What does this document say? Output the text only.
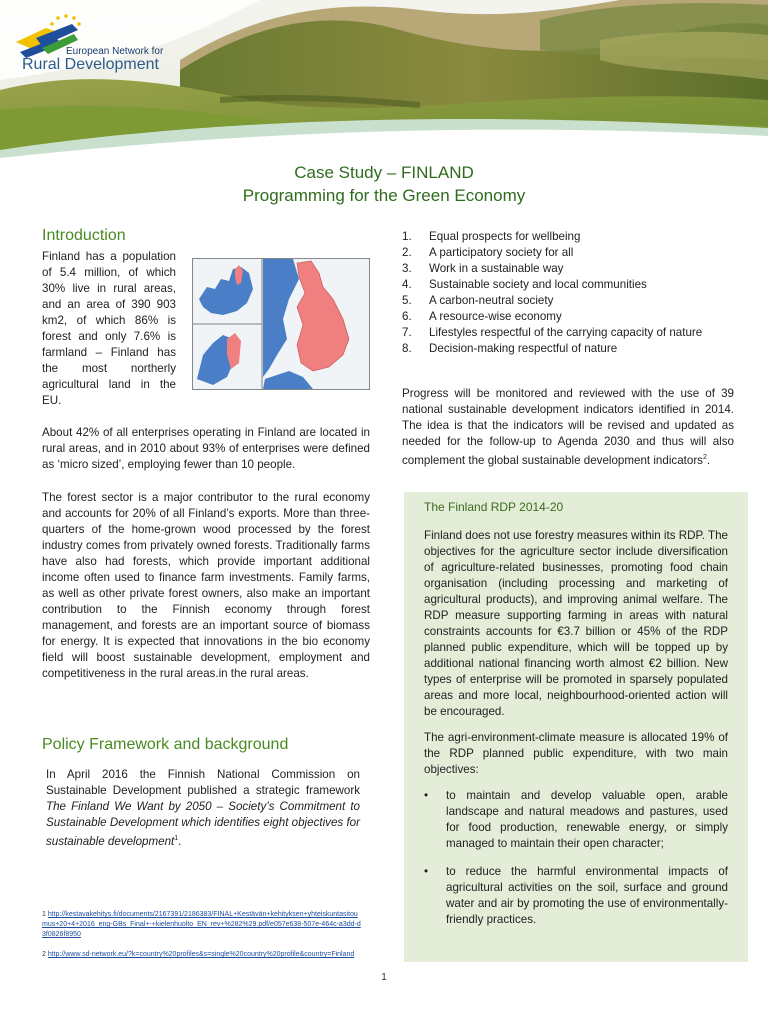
European Network for
Rural Development
Case Study – FINLAND
Programming for the Green Economy
Introduction
Finland has a population of 5.4 million, of which 30% live in rural areas, and an area of 390 903 km2, of which 86% is forest and only 7.6% is farmland – Finland has the most northerly agricultural land in the EU.
About 42% of all enterprises operating in Finland are located in rural areas, and in 2010 about 93% of enterprises were defined as ‘micro sized’, employing fewer than 10 people.
The forest sector is a major contributor to the rural economy and accounts for 20% of all Finland’s exports. More than three-quarters of the home-grown wood processed by the forest industry comes from privately owned forests. Traditionally farms have also had forests, which provide important additional income often used to finance farm investments. Family farms, as well as other private forest owners, also make an important contribution to the Finnish economy through forest management, and forests are an important source of biomass for energy. It is expected that innovations in the bio economy field will boost sustainable development, employment and competitiveness in the rural areas.in the rural areas.
Policy Framework and background
In April 2016 the Finnish National Commission on Sustainable Development published a strategic framework The Finland We Want by 2050 – Society’s Commitment to Sustainable Development which identifies eight objectives for sustainable development$^1$.
1.	Equal prospects for wellbeing
2.	A participatory society for all
3.	Work in a sustainable way
4.	Sustainable society and local communities
5.	A carbon-neutral society
6.	A resource-wise economy
7.	Lifestyles respectful of the carrying capacity of nature
8.	Decision-making respectful of nature
Progress will be monitored and reviewed with the use of 39 national sustainable development indicators identified in 2014. The idea is that the indicators will be revised and updated as needed for the follow-up to Agenda 2030 and thus will also complement the global sustainable development indicators$^2$.
The Finland RDP 2014-20
Finland does not use forestry measures within its RDP. The objectives for the agriculture sector include diversification of agriculture-related businesses, promoting food chain organisation (including processing and marketing of agricultural products), and improving animal welfare. The RDP measure supporting farming in areas with natural constraints accounts for €3.7 billion or 45% of the RDP planned public expenditure, which will be topped up by additional national financing worth almost €2 billion. New types of enterprise will be promoted in sparsely populated areas and more local, neighbourhood-oriented action will be encouraged.
The agri-environment-climate measure is allocated 19% of the RDP planned public expenditure, with two main objectives:
•	to maintain and develop valuable open, arable landscape and natural meadows and pastures, used for food production, renewable energy, or simply managed to maintain their open character;
•	to reduce the harmful environmental impacts of agricultural activities on the soil, surface and ground water and air by promoting the use of environmentally-friendly practices.
1 http://kestavakehitys.fi/documents/2167391/2186383/FINAL+Kestävän+kehityksen+yhteiskuntasitoumus+20+4+2016_eng-GBs_Final+-+kielenhuolto_EN_rev+%282%29.pdf/e057e638-507e-464c-a3dd-d3f0826f8950
2 http://www.sd-network.eu/?k=country%20profiles&s=single%20country%20profile&country=Finland
1
